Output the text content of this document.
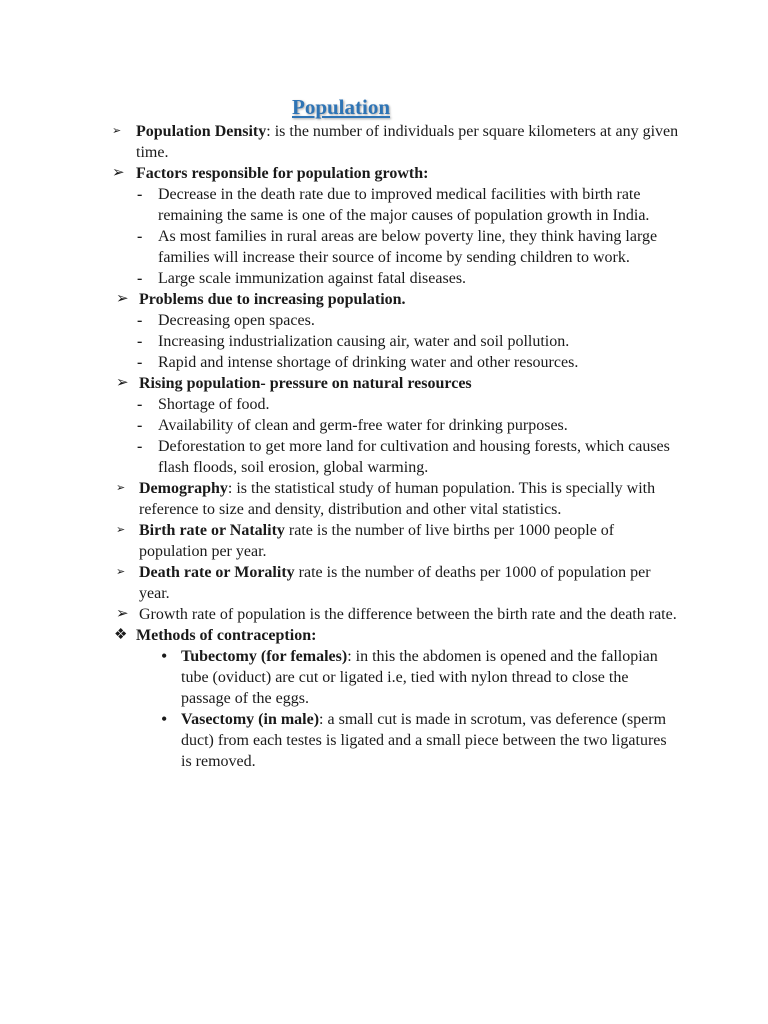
Population
➢ Population Density: is the number of individuals per square kilometers at any given time.
➢ Factors responsible for population growth:
- Decrease in the death rate due to improved medical facilities with birth rate remaining the same is one of the major causes of population growth in India.
- As most families in rural areas are below poverty line, they think having large families will increase their source of income by sending children to work.
- Large scale immunization against fatal diseases.
➢ Problems due to increasing population.
- Decreasing open spaces.
- Increasing industrialization causing air, water and soil pollution.
- Rapid and intense shortage of drinking water and other resources.
➢ Rising population- pressure on natural resources
- Shortage of food.
- Availability of clean and germ-free water for drinking purposes.
- Deforestation to get more land for cultivation and housing forests, which causes flash floods, soil erosion, global warming.
➢ Demography: is the statistical study of human population. This is specially with reference to size and density, distribution and other vital statistics.
➢ Birth rate or Natality rate is the number of live births per 1000 people of population per year.
➢ Death rate or Morality rate is the number of deaths per 1000 of population per year.
➢ Growth rate of population is the difference between the birth rate and the death rate.
❖ Methods of contraception:
• Tubectomy (for females): in this the abdomen is opened and the fallopian tube (oviduct) are cut or ligated i.e, tied with nylon thread to close the passage of the eggs.
• Vasectomy (in male): a small cut is made in scrotum, vas deference (sperm duct) from each testes is ligated and a small piece between the two ligatures is removed.
